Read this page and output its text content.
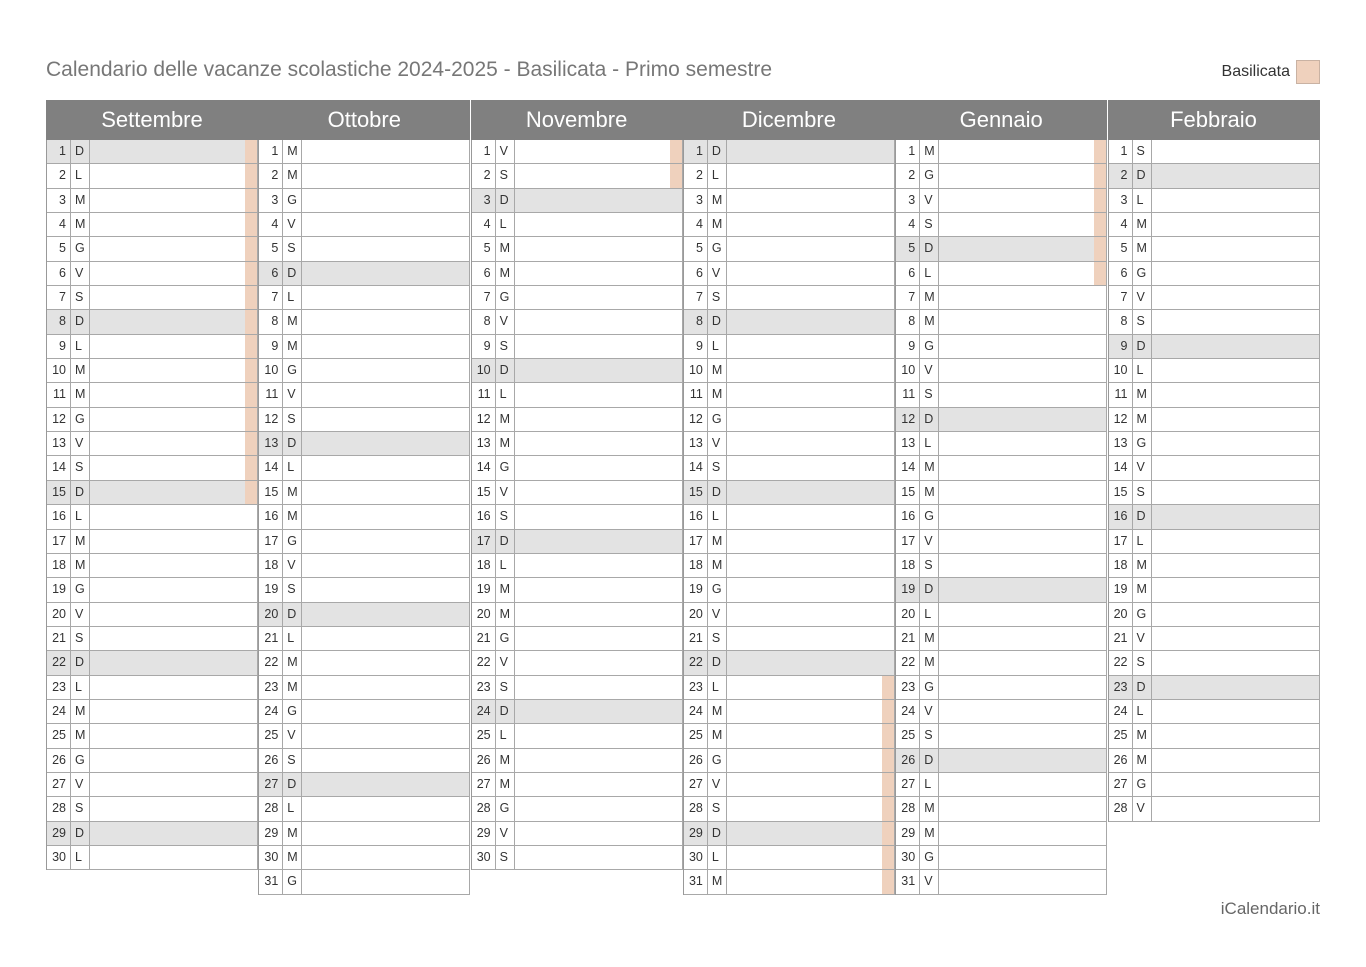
Calendario delle vacanze scolastiche 2024-2025 - Basilicata - Primo semestre	Basilicata
Settembre
1 D
2 L
3 M
4 M
5 G
6 V
7 S
8 D
9 L
10 M
11 M
12 G
13 V
14 S
15 D
16 L
17 M
18 M
19 G
20 V
21 S
22 D
23 L
24 M
25 M
26 G
27 V
28 S
29 D
30 L
Ottobre
1 M
2 M
3 G
4 V
5 S
6 D
7 L
8 M
9 M
10 G
11 V
12 S
13 D
14 L
15 M
16 M
17 G
18 V
19 S
20 D
21 L
22 M
23 M
24 G
25 V
26 S
27 D
28 L
29 M
30 M
31 G
Novembre
1 V
2 S
3 D
4 L
5 M
6 M
7 G
8 V
9 S
10 D
11 L
12 M
13 M
14 G
15 V
16 S
17 D
18 L
19 M
20 M
21 G
22 V
23 S
24 D
25 L
26 M
27 M
28 G
29 V
30 S
Dicembre
1 D
2 L
3 M
4 M
5 G
6 V
7 S
8 D
9 L
10 M
11 M
12 G
13 V
14 S
15 D
16 L
17 M
18 M
19 G
20 V
21 S
22 D
23 L
24 M
25 M
26 G
27 V
28 S
29 D
30 L
31 M
Gennaio
1 M
2 G
3 V
4 S
5 D
6 L
7 M
8 M
9 G
10 V
11 S
12 D
13 L
14 M
15 M
16 G
17 V
18 S
19 D
20 L
21 M
22 M
23 G
24 V
25 S
26 D
27 L
28 M
29 M
30 G
31 V
Febbraio
1 S
2 D
3 L
4 M
5 M
6 G
7 V
8 S
9 D
10 L
11 M
12 M
13 G
14 V
15 S
16 D
17 L
18 M
19 M
20 G
21 V
22 S
23 D
24 L
25 M
26 M
27 G
28 V
iCalendario.it
